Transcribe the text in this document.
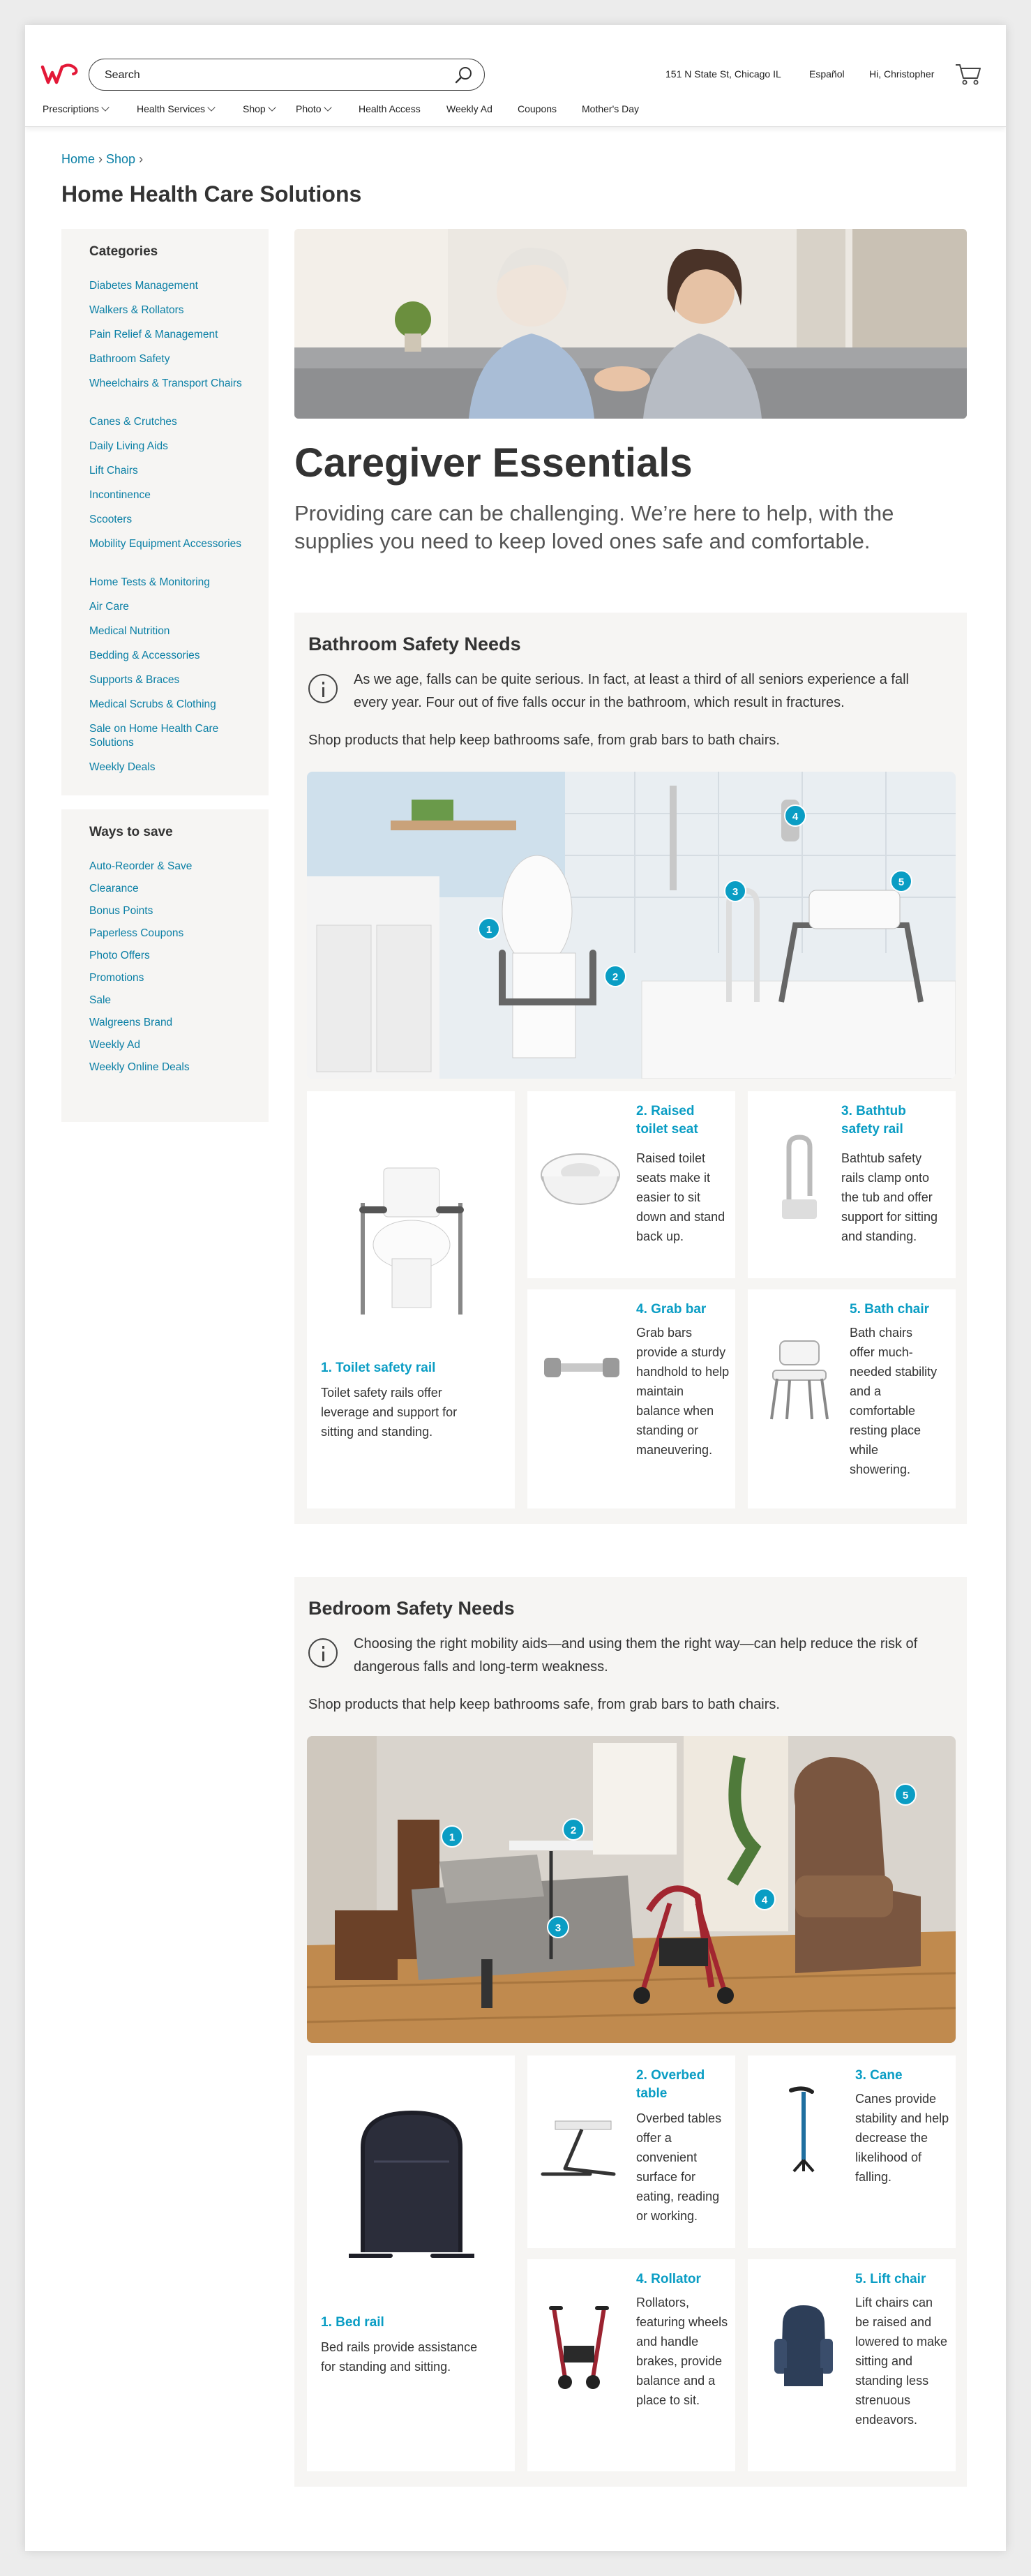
Search	151 N State St, Chicago IL	Español	Hi, Christopher
Prescriptions	Health Services	Shop	Photo	Health Access	Weekly Ad	Coupons	Mother's Day
Home › Shop ›
Home Health Care Solutions
Categories
Diabetes Management
Walkers & Rollators
Pain Relief & Management
Bathroom Safety
Wheelchairs & Transport Chairs
Canes & Crutches
Daily Living Aids
Lift Chairs
Incontinence
Scooters
Mobility Equipment Accessories
Home Tests & Monitoring
Air Care
Medical Nutrition
Bedding & Accessories
Supports & Braces
Medical Scrubs & Clothing
Sale on Home Health Care Solutions
Weekly Deals
Ways to save
Auto-Reorder & Save
Clearance
Bonus Points
Paperless Coupons
Photo Offers
Promotions
Sale
Walgreens Brand
Weekly Ad
Weekly Online Deals
Caregiver Essentials
Providing care can be challenging. We’re here to help, with the supplies you need to keep loved ones safe and comfortable.
Bathroom Safety Needs
As we age, falls can be quite serious. In fact, at least a third of all seniors experience a fall every year. Four out of five falls occur in the bathroom, which result in fractures.
Shop products that help keep bathrooms safe, from grab bars to bath chairs.
1
2
3
4
5
1. Toilet safety rail
Toilet safety rails offer leverage and support for sitting and standing.
2. Raised toilet seat
Raised toilet seats make it easier to sit down and stand back up.
3. Bathtub safety rail
Bathtub safety rails clamp onto the tub and offer support for sitting and standing.
4. Grab bar
Grab bars provide a sturdy handhold to help maintain balance when standing or maneuvering.
5. Bath chair
Bath chairs offer much-needed stability and a comfortable resting place while showering.
Bedroom Safety Needs
Choosing the right mobility aids—and using them the right way—can help reduce the risk of dangerous falls and long-term weakness.
Shop products that help keep bathrooms safe, from grab bars to bath chairs.
1
2
3
4
5
1. Bed rail
Bed rails provide assistance for standing and sitting.
2. Overbed table
Overbed tables offer a convenient surface for eating, reading or working.
3. Cane
Canes provide stability and help decrease the likelihood of falling.
4. Rollator
Rollators, featuring wheels and handle brakes, provide balance and a place to sit.
5. Lift chair
Lift chairs can be raised and lowered to make sitting and standing less strenuous endeavors.
